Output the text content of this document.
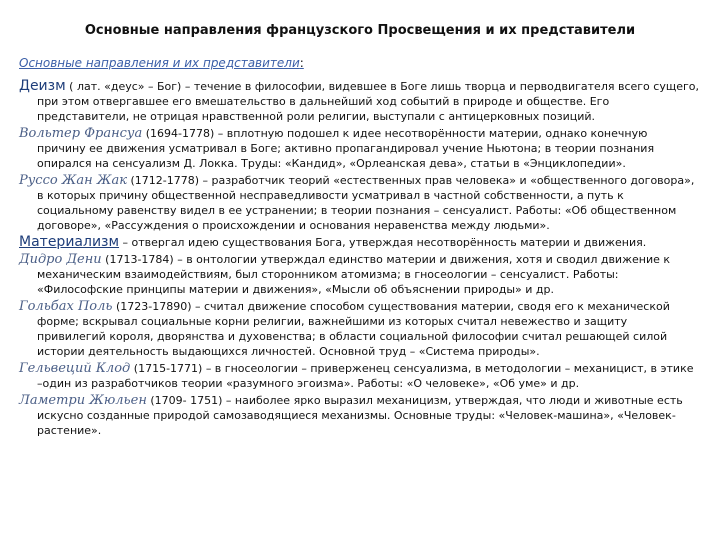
Основные направления французского Просвещения и их представители
Основные направления и их представители:
Деизм ( лат. «деус» – Бог) – течение в философии, видевшее в Боге лишь творца и перводвигателя всего сущего, при этом отвергавшее его вмешательство в дальнейший ход событий в природе и обществе. Его представители, не отрицая нравственной роли религии, выступали с антицерковных позиций.
Вольтер Франсуа (1694-1778) – вплотную подошел к идее несотворённости материи, однако конечную причину ее движения усматривал в Боге; активно пропагандировал учение Ньютона; в теории познания опирался на сенсуализм Д. Локка. Труды: «Кандид», «Орлеанская дева», статьи в «Энциклопедии».
Руссо Жан Жак (1712-1778) – разработчик теорий «естественных прав человека» и «общественного договора», в которых причину общественной несправедливости усматривал в частной собственности, а путь к социальному равенству видел в ее устранении; в теории познания – сенсуалист. Работы: «Об общественном договоре», «Рассуждения о происхождении и основания неравенства между людьми».
Материализм – отвергал идею существования Бога, утверждая несотворённость материи и движения.
Дидро Дени (1713-1784) – в онтологии утверждал единство материи и движения, хотя и сводил движение к механическим взаимодействиям, был сторонником атомизма; в гносеологии – сенсуалист. Работы: «Философские принципы материи и движения», «Мысли об объяснении природы» и др.
Гольбах Поль (1723-17890) – считал движение способом существования материи, сводя его к механической форме; вскрывал социальные корни религии, важнейшими из которых считал невежество и защиту привилегий короля, дворянства и духовенства; в области социальной философии считал решающей силой истории деятельность выдающихся личностей. Основной труд – «Система природы».
Гельвеций Клод (1715-1771) – в гносеологии – приверженец сенсуализма, в методологии – механицист, в этике –один из разработчиков теории «разумного эгоизма». Работы: «О человеке», «Об уме» и др.
Ламетри Жюльен (1709- 1751) – наиболее ярко выразил механицизм, утверждая, что люди и животные есть искусно созданные природой самозаводящиеся механизмы. Основные труды: «Человек-машина», «Человек-растение».
